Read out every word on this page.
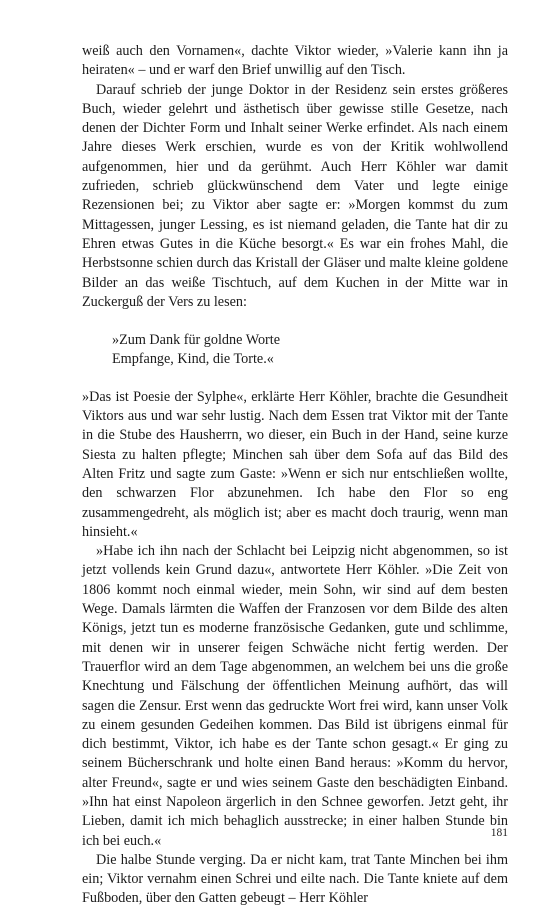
weiß auch den Vornamen«, dachte Viktor wieder, »Valerie kann ihn ja heiraten« – und er warf den Brief unwillig auf den Tisch.

Darauf schrieb der junge Doktor in der Residenz sein erstes größeres Buch, wieder gelehrt und ästhetisch über gewisse stille Gesetze, nach denen der Dichter Form und Inhalt seiner Werke erfindet. Als nach einem Jahre dieses Werk erschien, wurde es von der Kritik wohlwollend aufgenommen, hier und da gerühmt. Auch Herr Köhler war damit zufrieden, schrieb glückwünschend dem Vater und legte einige Rezensionen bei; zu Viktor aber sagte er: »Morgen kommst du zum Mittagessen, junger Lessing, es ist niemand geladen, die Tante hat dir zu Ehren etwas Gutes in die Küche besorgt.« Es war ein frohes Mahl, die Herbstsonne schien durch das Kristall der Gläser und malte kleine goldene Bilder an das weiße Tischtuch, auf dem Kuchen in der Mitte war in Zuckerguß der Vers zu lesen:

»Zum Dank für goldne Worte
Empfange, Kind, die Torte.«

»Das ist Poesie der Sylphe«, erklärte Herr Köhler, brachte die Gesundheit Viktors aus und war sehr lustig. Nach dem Essen trat Viktor mit der Tante in die Stube des Hausherrn, wo dieser, ein Buch in der Hand, seine kurze Siesta zu halten pflegte; Minchen sah über dem Sofa auf das Bild des Alten Fritz und sagte zum Gaste: »Wenn er sich nur entschließen wollte, den schwarzen Flor abzunehmen. Ich habe den Flor so eng zusammengedreht, als möglich ist; aber es macht doch traurig, wenn man hinsieht.«

»Habe ich ihn nach der Schlacht bei Leipzig nicht abgenommen, so ist jetzt vollends kein Grund dazu«, antwortete Herr Köhler. »Die Zeit von 1806 kommt noch einmal wieder, mein Sohn, wir sind auf dem besten Wege. Damals lärmten die Waffen der Franzosen vor dem Bilde des alten Königs, jetzt tun es moderne französische Gedanken, gute und schlimme, mit denen wir in unserer feigen Schwäche nicht fertig werden. Der Trauerflor wird an dem Tage abgenommen, an welchem bei uns die große Knechtung und Fälschung der öffentlichen Meinung aufhört, das will sagen die Zensur. Erst wenn das gedruckte Wort frei wird, kann unser Volk zu einem gesunden Gedeihen kommen. Das Bild ist übrigens einmal für dich bestimmt, Viktor, ich habe es der Tante schon gesagt.« Er ging zu seinem Bücherschrank und holte einen Band heraus: »Komm du hervor, alter Freund«, sagte er und wies seinem Gaste den beschädigten Einband. »Ihn hat einst Napoleon ärgerlich in den Schnee geworfen. Jetzt geht, ihr Lieben, damit ich mich behaglich ausstrecke; in einer halben Stunde bin ich bei euch.«

Die halbe Stunde verging. Da er nicht kam, trat Tante Minchen bei ihm ein; Viktor vernahm einen Schrei und eilte nach. Die Tante kniete auf dem Fußboden, über den Gatten gebeugt – Herr Köhler

181
